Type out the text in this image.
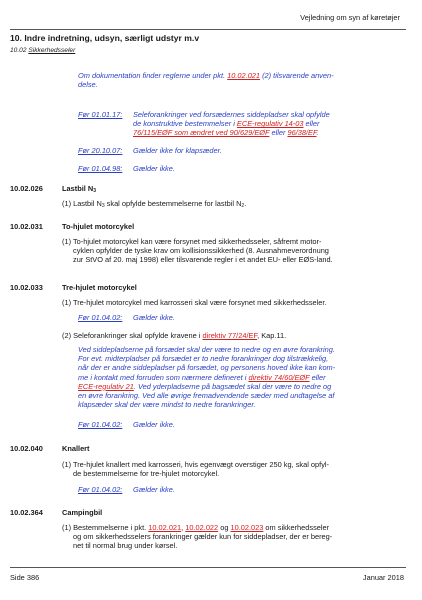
Vejledning om syn af køretøjer
10. Indre indretning, udsyn, særligt udstyr m.v
10.02 Sikkerhedsseler
Om dokumentation finder reglerne under pkt. 10.02.021 (2) tilsvarende anven-
delse.
Før 01.01.17: Seleforankringer ved forsædernes siddepladser skal opfylde
de konstruktive bestemmelser i ECE-regulativ 14-03 eller
76/115/EØF som ændret ved 90/629/EØF eller 96/38/EF.
Før 20.10.07: Gælder ikke for klapsæder.
Før 01.04.98: Gælder ikke.
10.02.026	Lastbil $N_3$
(1) Lastbil $N_3$ skal opfylde bestemmelserne for lastbil $N_2$.
10.02.031	To-hjulet motorcykel
(1) To-hjulet motorcykel kan være forsynet med sikkerhedsseler, såfremt motor-
cyklen opfylder de tyske krav om kollisionssikkerhed (8. Ausnahmeverordnung
zur StVO af 20. maj 1998) eller tilsvarende regler i et andet EU- eller EØS-land.
10.02.033	Tre-hjulet motorcykel
(1) Tre-hjulet motorcykel med karrosseri skal være forsynet med sikkerhedsseler.
Før 01.04.02: Gælder ikke.
(2) Seleforankringer skal opfylde kravene i direktiv 77/24/EF, Kap.11.
Ved siddepladserne på forsædet skal der være to nedre og en øvre forankring.
For evt. midterpladser på forsædet er to nedre forankringer dog tilstrækkelig,
når der er andre siddepladser på forsædet, og personens hoved ikke kan kom-
me i kontakt med forruden som nærmere defineret i direktiv 74/60/EØF eller
ECE-regulativ 21. Ved yderpladserne på bagsædet skal der være to nedre og
en øvre forankring. Ved alle øvrige fremadvendende sæder med undtagelse af
klapsæder skal der være mindst to nedre forankringer.
Før 01.04.02: Gælder ikke.
10.02.040	Knallert
(1) Tre-hjulet knallert med karrosseri, hvis egenvægt overstiger 250 kg, skal opfyl-
de bestemmelserne for tre-hjulet motorcykel.
Før 01.04.02: Gælder ikke.
10.02.364	Campingbil
(1) Bestemmelserne i pkt. 10.02.021, 10.02.022 og 10.02.023 om sikkerhedsseler
og om sikkerhedsselers forankringer gælder kun for siddepladser, der er bereg-
net til normal brug under kørsel.
Side 386	Januar 2018
